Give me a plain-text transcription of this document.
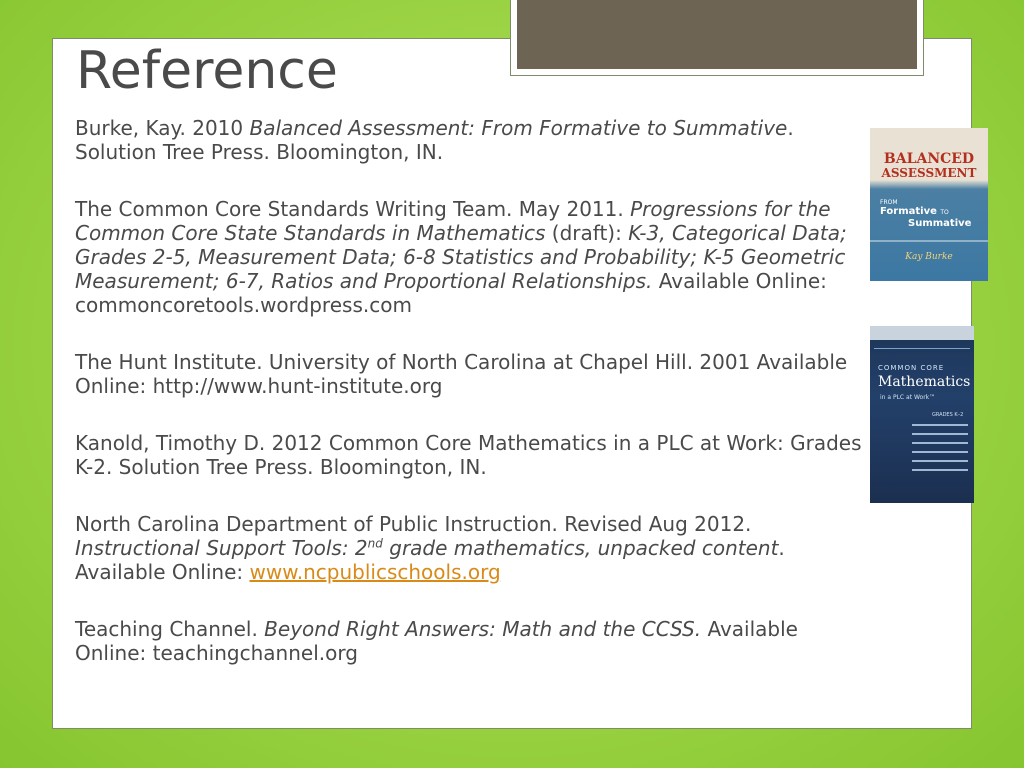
Reference

Burke, Kay. 2010 Balanced Assessment: From Formative to Summative. Solution Tree Press. Bloomington, IN.

The Common Core Standards Writing Team. May 2011. Progressions for the Common Core State Standards in Mathematics (draft): K-3, Categorical Data; Grades 2-5, Measurement Data; 6-8 Statistics and Probability; K-5 Geometric Measurement; 6-7, Ratios and Proportional Relationships. Available Online: commoncoretools.wordpress.com

The Hunt Institute. University of North Carolina at Chapel Hill. 2001 Available Online: http://www.hunt-institute.org

Kanold, Timothy D. 2012 Common Core Mathematics in a PLC at Work: Grades K-2. Solution Tree Press. Bloomington, IN.

North Carolina Department of Public Instruction. Revised Aug 2012. Instructional Support Tools: 2nd grade mathematics, unpacked content. Available Online: www.ncpublicschools.org

Teaching Channel. Beyond Right Answers: Math and the CCSS. Available Online: teachingchannel.org

BALANCED
ASSESSMENT
FROM
Formative TO
Summative
Kay Burke
COMMON CORE
Mathematics
in a PLC at Work™
GRADES K–2
